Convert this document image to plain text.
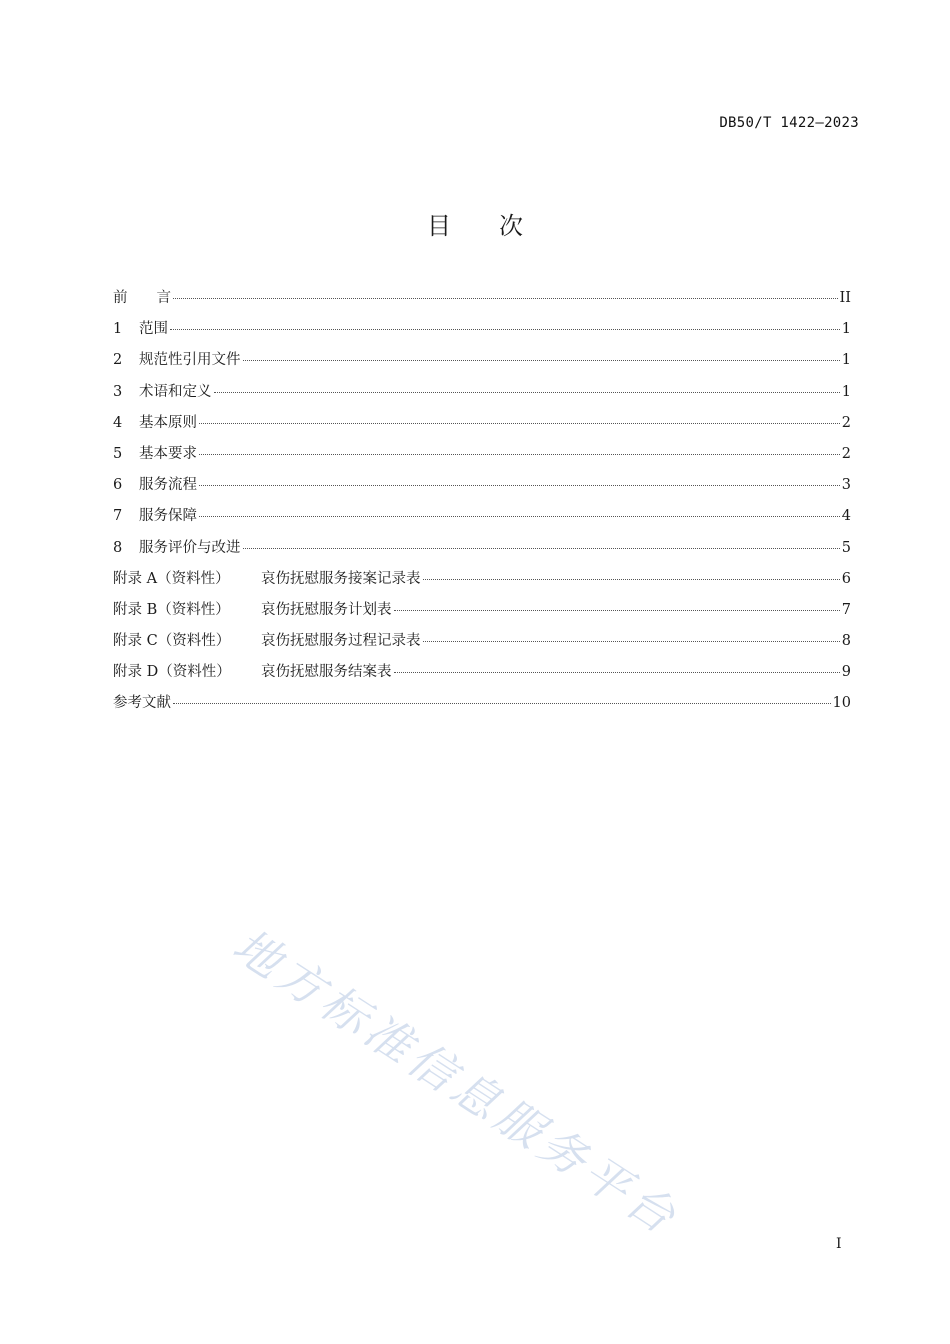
DB50/T 1422—2023
目次
前　　言	II
1	范围	1
2	规范性引用文件	1
3	术语和定义	1
4	基本原则	2
5	基本要求	2
6	服务流程	3
7	服务保障	4
8	服务评价与改进	5
附录 A（资料性）	哀伤抚慰服务接案记录表	6
附录 B（资料性）	哀伤抚慰服务计划表	7
附录 C（资料性）	哀伤抚慰服务过程记录表	8
附录 D（资料性）	哀伤抚慰服务结案表	9
参考文献	10
地方标准信息服务平台	I
